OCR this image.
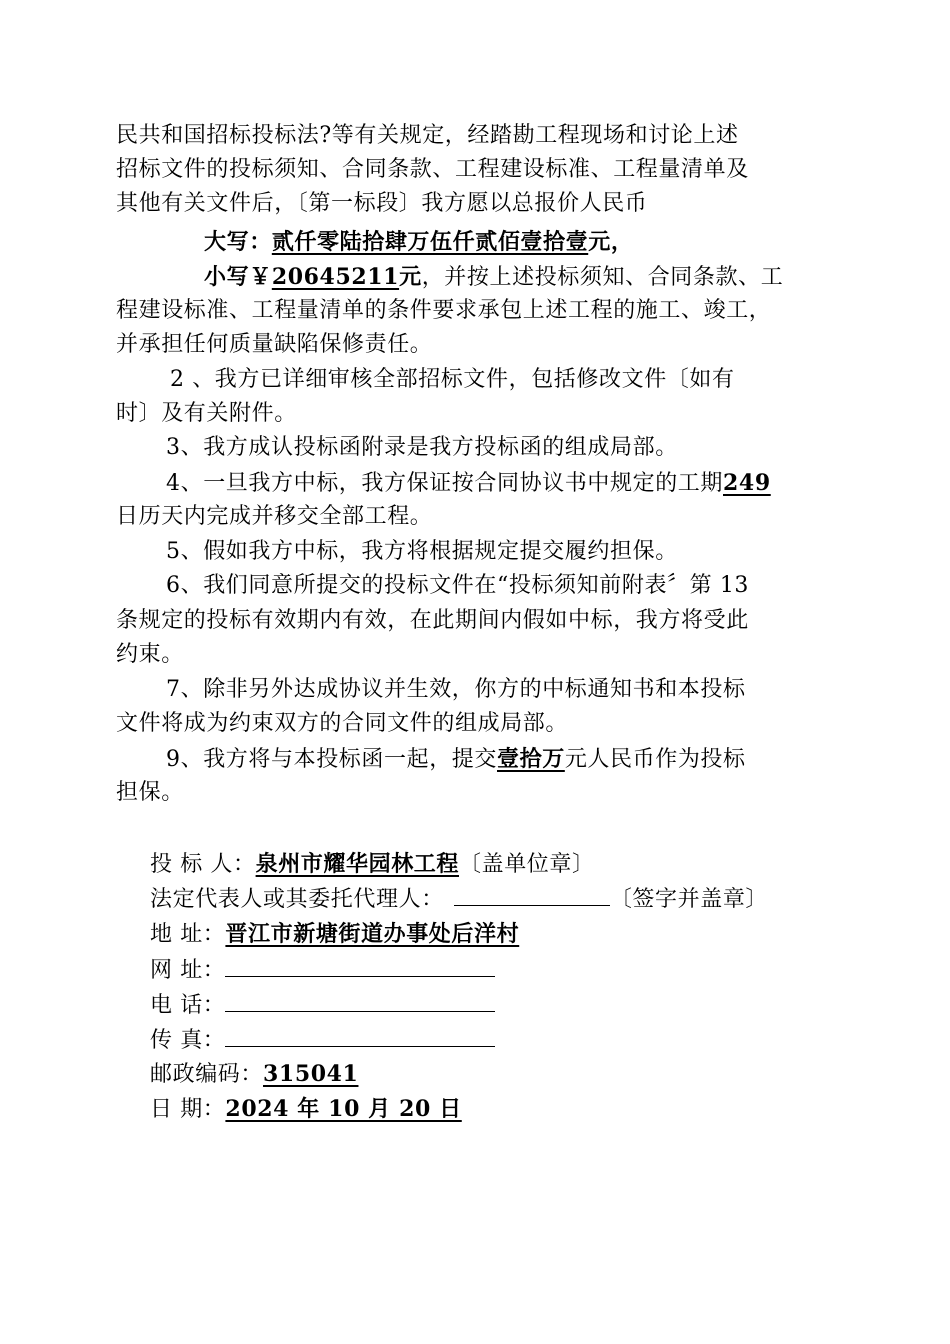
民共和国招标投标法?等有关规定，经踏勘工程现场和讨论上述
招标文件的投标须知、合同条款、工程建设标准、工程量清单及
其他有关文件后，〔第一标段〕我方愿以总报价人民币
大写：贰仟零陆拾肆万伍仟贰佰壹拾壹元，
小写￥20645211元，并按上述投标须知、合同条款、工
程建设标准、工程量清单的条件要求承包上述工程的施工、竣工，
并承担任何质量缺陷保修责任。
2 、我方已详细审核全部招标文件，包括修改文件〔如有
时〕及有关附件。
3、我方成认投标函附录是我方投标函的组成局部。
4、一旦我方中标，我方保证按合同协议书中规定的工期249
日历天内完成并移交全部工程。
5、假如我方中标，我方将根据规定提交履约担保。
6、我们同意所提交的投标文件在“投标须知前附表〞第 13
条规定的投标有效期内有效，在此期间内假如中标，我方将受此
约束。
7、除非另外达成协议并生效，你方的中标通知书和本投标
文件将成为约束双方的合同文件的组成局部。
9、我方将与本投标函一起，提交壹拾万元人民币作为投标
担保。
投 标 人：泉州市耀华园林工程〔盖单位章〕
法定代表人或其委托代理人：	〔签字并盖章〕
地 址：晋江市新塘街道办事处后洋村
网 址：
电 话：
传 真：
邮政编码：315041
日 期：2024 年 10 月 20 日
